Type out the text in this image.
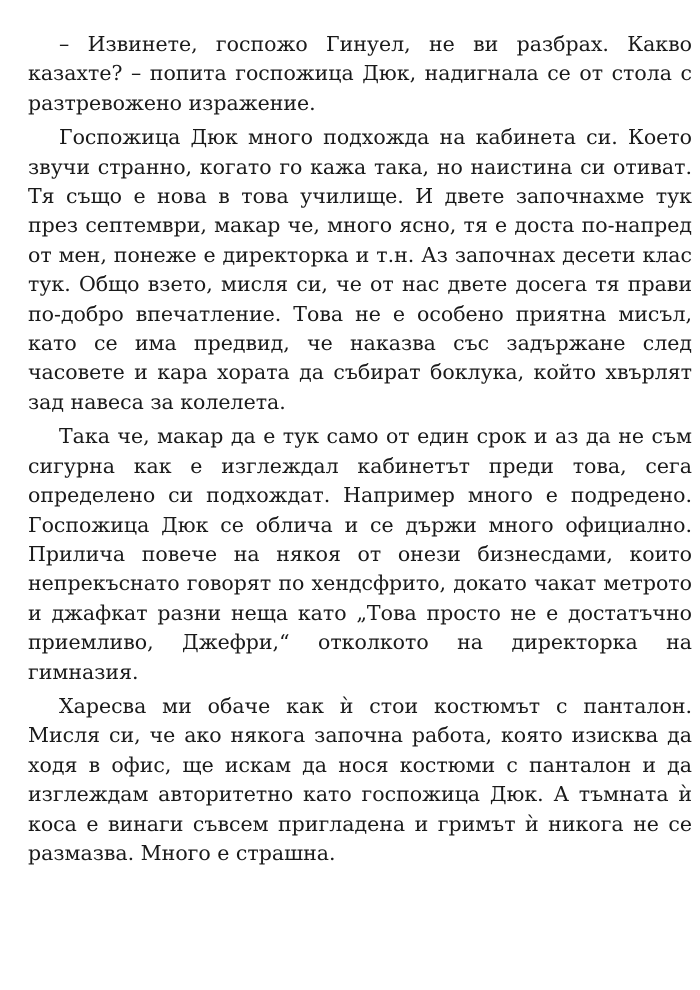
– Извинете, госпожо Гинуел, не ви разбрах. Какво казахте? – попита госпожица Дюк, надигнала се от стола с разтревожено изражение.

Госпожица Дюк много подхожда на кабинета си. Което звучи странно, когато го кажа така, но наистина си отиват. Тя също е нова в това училище. И двете започнахме тук през септември, макар че, много ясно, тя е доста по-напред от мен, понеже е директорка и т.н. Аз започнах десети клас тук. Общо взето, мисля си, че от нас двете досега тя прави по-добро впечатление. Това не е особено приятна мисъл, като се има предвид, че наказва със задържане след часовете и кара хората да събират боклука, който хвърлят зад навеса за колелета.

Така че, макар да е тук само от един срок и аз да не съм сигурна как е изглеждал кабинетът преди това, сега определено си подхождат. Например много е подредено. Госпожица Дюк се облича и се държи много официално. Прилича повече на някоя от онези бизнесдами, които непрекъснато говорят по хендсфрито, докато чакат метрото и джафкат разни неща като „Това просто не е достатъчно приемливо, Джефри,“ отколкото на директорка на гимназия.

Харесва ми обаче как ѝ стои костюмът с панталон. Мисля си, че ако някога започна работа, която изисква да ходя в офис, ще искам да нося костюми с панталон и да изглеждам авторитетно като госпожица Дюк. А тъмната ѝ коса е винаги съвсем пригладена и гримът ѝ никога не се размазва. Много е страшна.
